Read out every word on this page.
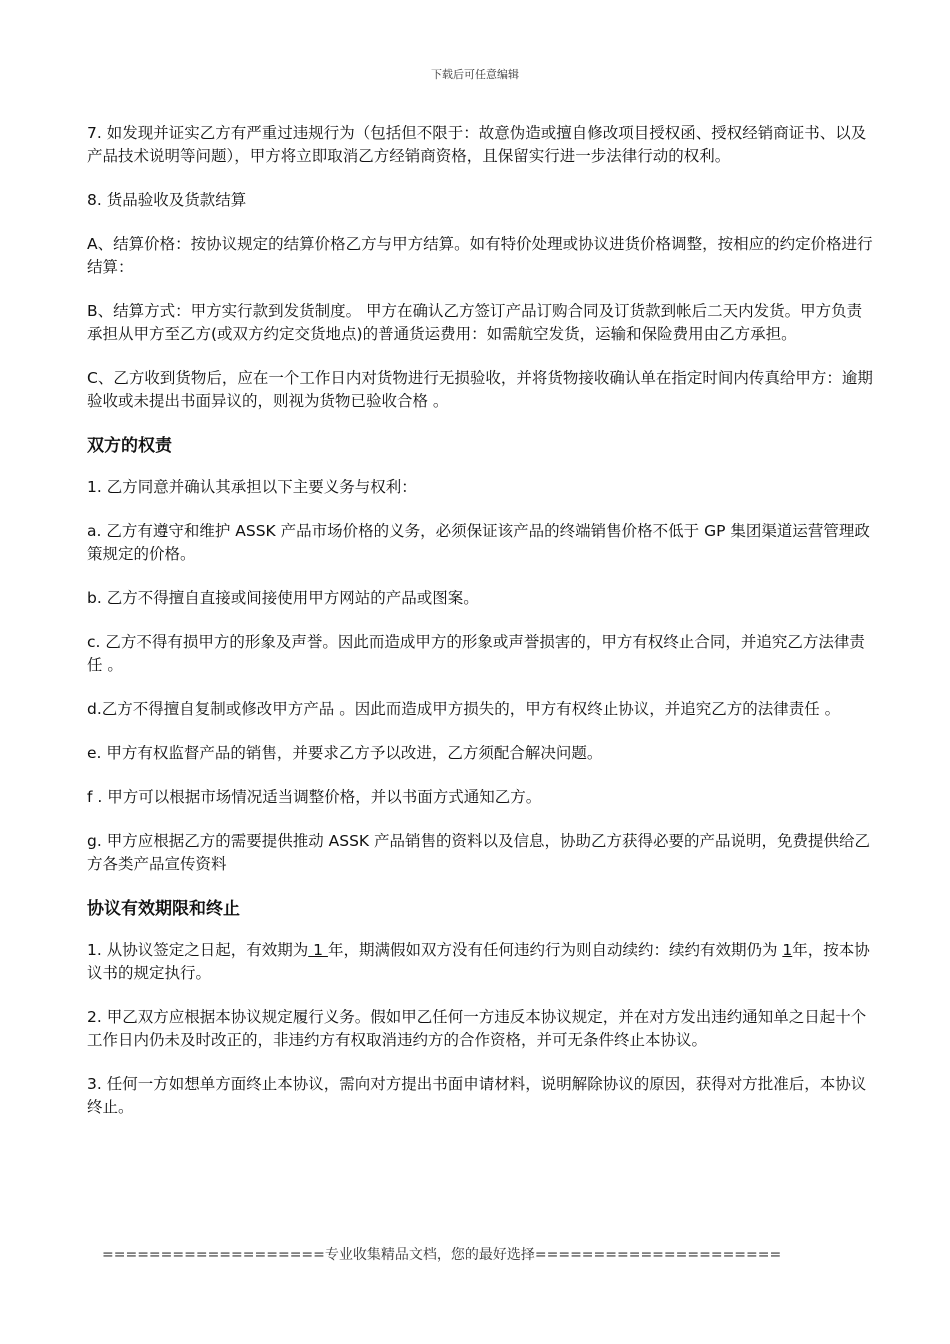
下载后可任意编辑

7. 如发现并证实乙方有严重过违规行为（包括但不限于：故意伪造或擅自修改项目授权函、授权经销商证书、以及产品技术说明等问题），甲方将立即取消乙方经销商资格，且保留实行进一步法律行动的权利。

8. 货品验收及货款结算

A、结算价格：按协议规定的结算价格乙方与甲方结算。如有特价处理或协议进货价格调整，按相应的约定价格进行结算：

B、结算方式：甲方实行款到发货制度。 甲方在确认乙方签订产品订购合同及订货款到帐后二天内发货。甲方负责承担从甲方至乙方(或双方约定交货地点)的普通货运费用：如需航空发货，运输和保险费用由乙方承担。

C、乙方收到货物后，应在一个工作日内对货物进行无损验收，并将货物接收确认单在指定时间内传真给甲方：逾期验收或未提出书面异议的，则视为货物已验收合格 。

双方的权责

1. 乙方同意并确认其承担以下主要义务与权利：

a. 乙方有遵守和维护 ASSK 产品市场价格的义务，必须保证该产品的终端销售价格不低于 GP 集团渠道运营管理政策规定的价格。

b. 乙方不得擅自直接或间接使用甲方网站的产品或图案。

c. 乙方不得有损甲方的形象及声誉。因此而造成甲方的形象或声誉损害的，甲方有权终止合同，并追究乙方法律责任 。

d.乙方不得擅自复制或修改甲方产品 。因此而造成甲方损失的，甲方有权终止协议，并追究乙方的法律责任 。

e. 甲方有权监督产品的销售，并要求乙方予以改进，乙方须配合解决问题。

f . 甲方可以根据市场情况适当调整价格，并以书面方式通知乙方。

g. 甲方应根据乙方的需要提供推动 ASSK 产品销售的资料以及信息，协助乙方获得必要的产品说明，免费提供给乙方各类产品宣传资料

协议有效期限和终止

1. 从协议签定之日起，有效期为 1 年，期满假如双方没有任何违约行为则自动续约：续约有效期仍为 1年，按本协议书的规定执行。

2. 甲乙双方应根据本协议规定履行义务。假如甲乙任何一方违反本协议规定，并在对方发出违约通知单之日起十个工作日内仍未及时改正的，非违约方有权取消违约方的合作资格，并可无条件终止本协议。

3. 任何一方如想单方面终止本协议，需向对方提出书面申请材料，说明解除协议的原因，获得对方批准后，本协议终止。

===================专业收集精品文档，您的最好选择=====================
